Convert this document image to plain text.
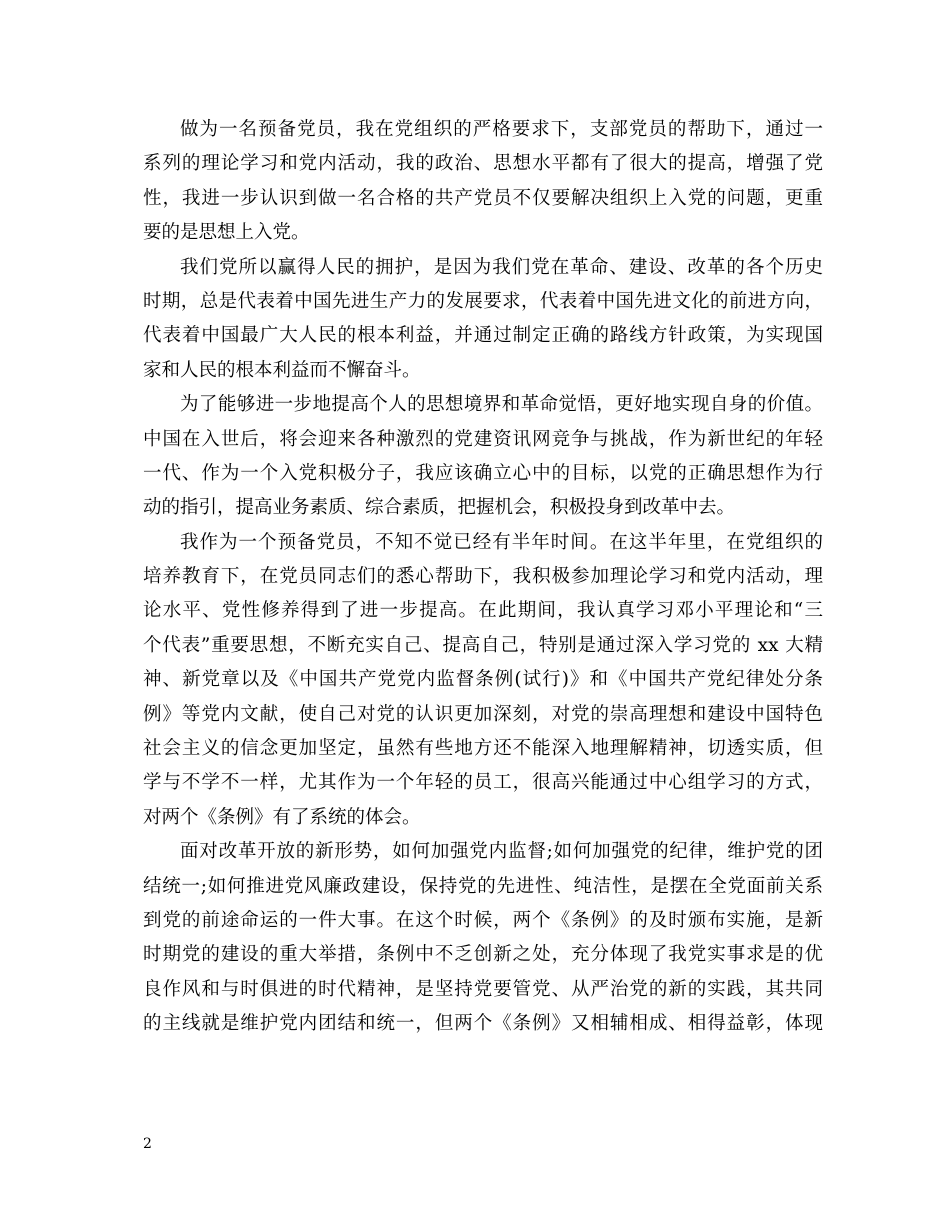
做为一名预备党员，我在党组织的严格要求下，支部党员的帮助下，通过一
系列的理论学习和党内活动，我的政治、思想水平都有了很大的提高，增强了党
性，我进一步认识到做一名合格的共产党员不仅要解决组织上入党的问题，更重
要的是思想上入党。
我们党所以赢得人民的拥护，是因为我们党在革命、建设、改革的各个历史
时期，总是代表着中国先进生产力的发展要求，代表着中国先进文化的前进方向，
代表着中国最广大人民的根本利益，并通过制定正确的路线方针政策，为实现国
家和人民的根本利益而不懈奋斗。
为了能够进一步地提高个人的思想境界和革命觉悟，更好地实现自身的价值。
中国在入世后，将会迎来各种激烈的党建资讯网竞争与挑战，作为新世纪的年轻
一代、作为一个入党积极分子，我应该确立心中的目标，以党的正确思想作为行
动的指引，提高业务素质、综合素质，把握机会，积极投身到改革中去。
我作为一个预备党员，不知不觉已经有半年时间。在这半年里，在党组织的
培养教育下，在党员同志们的悉心帮助下，我积极参加理论学习和党内活动，理
论水平、党性修养得到了进一步提高。在此期间，我认真学习邓小平理论和“三
个代表”重要思想，不断充实自己、提高自己，特别是通过深入学习党的 xx 大精
神、新党章以及《中国共产党党内监督条例(试行)》和《中国共产党纪律处分条
例》等党内文献，使自己对党的认识更加深刻，对党的崇高理想和建设中国特色
社会主义的信念更加坚定，虽然有些地方还不能深入地理解精神，切透实质，但
学与不学不一样，尤其作为一个年轻的员工，很高兴能通过中心组学习的方式，
对两个《条例》有了系统的体会。
面对改革开放的新形势，如何加强党内监督;如何加强党的纪律，维护党的团
结统一;如何推进党风廉政建设，保持党的先进性、纯洁性，是摆在全党面前关系
到党的前途命运的一件大事。在这个时候，两个《条例》的及时颁布实施，是新
时期党的建设的重大举措，条例中不乏创新之处，充分体现了我党实事求是的优
良作风和与时俱进的时代精神，是坚持党要管党、从严治党的新的实践，其共同
的主线就是维护党内团结和统一，但两个《条例》又相辅相成、相得益彰，体现
2
